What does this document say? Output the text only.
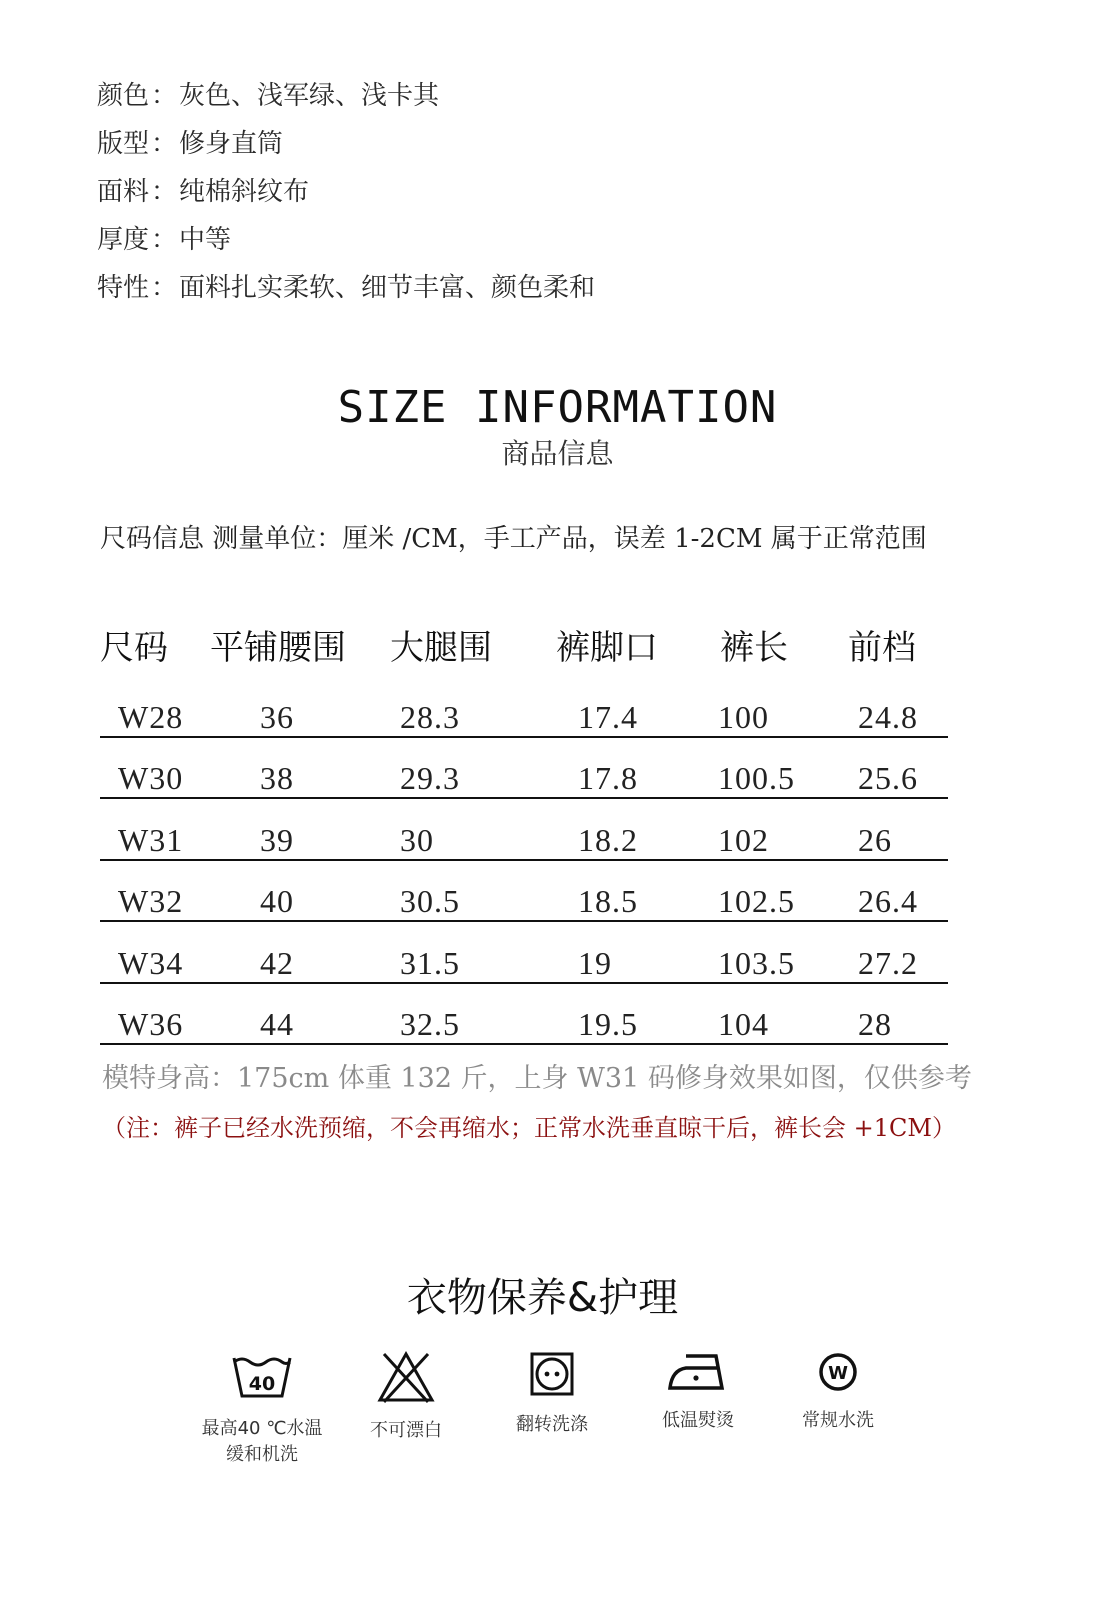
颜色：灰色、浅军绿、浅卡其
版型：修身直筒
面料：纯棉斜纹布
厚度：中等
特性：面料扎实柔软、细节丰富、颜色柔和
SIZE INFORMATION
商品信息
尺码信息 测量单位：厘米 /CM，手工产品，误差 1-2CM 属于正常范围
尺码 平铺腰围 大腿围 裤脚口 裤长 前档
W28 36	28.3	17.4	100	24.8
W30 38	29.3	17.8	100.5 25.6
W31 39	30	18.2	102	26
W32 40	30.5	18.5	102.5 26.4
W34 42	31.5	19	103.5 27.2
W36 44	32.5	19.5	104	28
模特身高：175cm 体重 132 斤，上身 W31 码修身效果如图，仅供参考
（注：裤子已经水洗预缩，不会再缩水；正常水洗垂直晾干后，裤长会 +1CM）
衣物保养&护理
40
最高40 ℃水温
缓和机洗
不可漂白	翻转洗涤	低温熨烫
W
常规水洗
